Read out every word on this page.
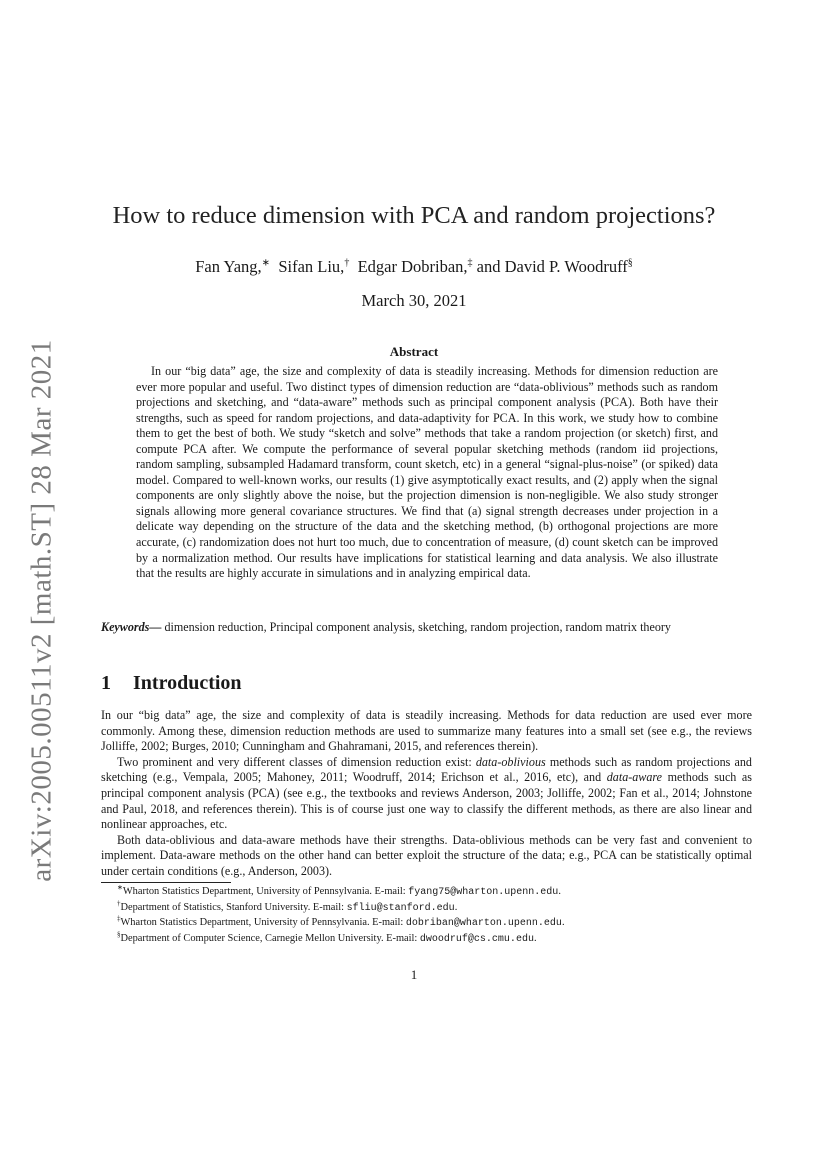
arXiv:2005.00511v2 [math.ST] 28 Mar 2021
How to reduce dimension with PCA and random projections?
Fan Yang,∗ Sifan Liu,† Edgar Dobriban,‡ and David P. Woodruff§
March 30, 2021
Abstract
In our “big data” age, the size and complexity of data is steadily increasing. Methods for dimension reduction are ever more popular and useful. Two distinct types of dimension reduction are “data-oblivious” methods such as random projections and sketching, and “data-aware” methods such as principal component analysis (PCA). Both have their strengths, such as speed for random projections, and data-adaptivity for PCA. In this work, we study how to combine them to get the best of both. We study “sketch and solve” methods that take a random projection (or sketch) first, and compute PCA after. We compute the performance of several popular sketching methods (random iid projections, random sampling, subsampled Hadamard transform, count sketch, etc) in a general “signal-plus-noise” (or spiked) data model. Compared to well-known works, our results (1) give asymptotically exact results, and (2) apply when the signal components are only slightly above the noise, but the projection dimension is non-negligible. We also study stronger signals allowing more general covariance structures. We find that (a) signal strength decreases under projection in a delicate way depending on the structure of the data and the sketching method, (b) orthogonal projections are more accurate, (c) randomization does not hurt too much, due to concentration of measure, (d) count sketch can be improved by a normalization method. Our results have implications for statistical learning and data analysis. We also illustrate that the results are highly accurate in simulations and in analyzing empirical data.
Keywords— dimension reduction, Principal component analysis, sketching, random projection, random matrix theory
1 Introduction

In our “big data” age, the size and complexity of data is steadily increasing. Methods for data reduction are used ever more commonly. Among these, dimension reduction methods are used to summarize many features into a small set (see e.g., the reviews Jolliffe, 2002; Burges, 2010; Cunningham and Ghahramani, 2015, and references therein).

Two prominent and very different classes of dimension reduction exist: data-oblivious methods such as random projections and sketching (e.g., Vempala, 2005; Mahoney, 2011; Woodruff, 2014; Erichson et al., 2016, etc), and data-aware methods such as principal component analysis (PCA) (see e.g., the textbooks and reviews Anderson, 2003; Jolliffe, 2002; Fan et al., 2014; Johnstone and Paul, 2018, and references therein). This is of course just one way to classify the different methods, as there are also linear and nonlinear approaches, etc.

Both data-oblivious and data-aware methods have their strengths. Data-oblivious methods can be very fast and convenient to implement. Data-aware methods on the other hand can better exploit the structure of the data; e.g., PCA can be statistically optimal under certain conditions (e.g., Anderson, 2003).

∗Wharton Statistics Department, University of Pennsylvania. E-mail: fyang75@wharton.upenn.edu.
†Department of Statistics, Stanford University. E-mail: sfliu@stanford.edu.
‡Wharton Statistics Department, University of Pennsylvania. E-mail: dobriban@wharton.upenn.edu.
§Department of Computer Science, Carnegie Mellon University. E-mail: dwoodruf@cs.cmu.edu.
1
